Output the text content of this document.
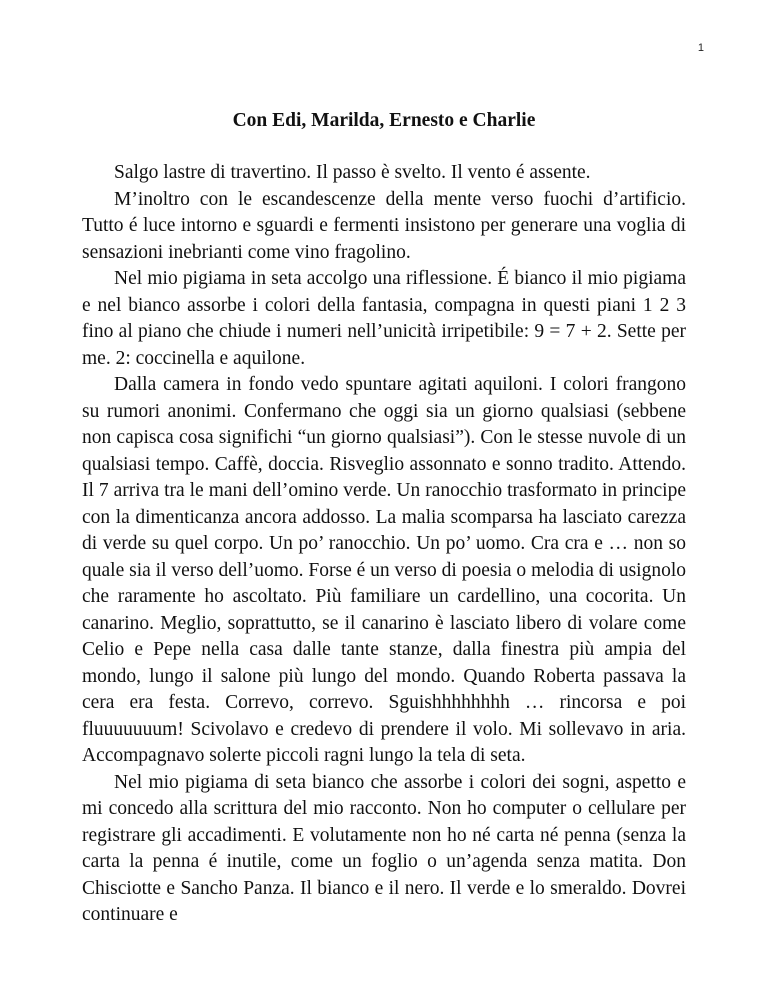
1
Con Edi, Marilda, Ernesto e Charlie

Salgo lastre di travertino. Il passo è svelto. Il vento é assente.

M’inoltro con le escandescenze della mente verso fuochi d’artificio. Tutto é luce intorno e sguardi e fermenti insistono per generare una voglia di sensazioni inebrianti come vino fragolino.

Nel mio pigiama in seta accolgo una riflessione. É bianco il mio pigiama e nel bianco assorbe i colori della fantasia, compagna in questi piani 1 2 3 fino al piano che chiude i numeri nell’unicità irripetibile: 9 = 7 + 2. Sette per me. 2: coccinella e aquilone.

Dalla camera in fondo vedo spuntare agitati aquiloni. I colori frangono su rumori anonimi. Confermano che oggi sia un giorno qualsiasi (sebbene non capisca cosa significhi “un giorno qualsiasi”). Con le stesse nuvole di un qualsiasi tempo. Caffè, doccia. Risveglio assonnato e sonno tradito. Attendo. Il 7 arriva tra le mani dell’omino verde. Un ranocchio trasformato in principe con la dimenticanza ancora addosso. La malia scomparsa ha lasciato carezza di verde su quel corpo. Un po’ ranocchio. Un po’ uomo. Cra cra e … non so quale sia il verso dell’uomo. Forse é un verso di poesia o melodia di usignolo che raramente ho ascoltato. Più familiare un cardellino, una cocorita. Un canarino. Meglio, soprattutto, se il canarino è lasciato libero di volare come Celio e Pepe nella casa dalle tante stanze, dalla finestra più ampia del mondo, lungo il salone più lungo del mondo. Quando Roberta passava la cera era festa. Correvo, correvo. Sguishhhhhhhh … rincorsa e poi fluuuuuuum! Scivolavo e credevo di prendere il volo. Mi sollevavo in aria. Accompagnavo solerte piccoli ragni lungo la tela di seta.

Nel mio pigiama di seta bianco che assorbe i colori dei sogni, aspetto e mi concedo alla scrittura del mio racconto. Non ho computer o cellulare per registrare gli accadimenti. E volutamente non ho né carta né penna (senza la carta la penna é inutile, come un foglio o un’agenda senza matita. Don Chisciotte e Sancho Panza. Il bianco e il nero. Il verde e lo smeraldo. Dovrei continuare e
